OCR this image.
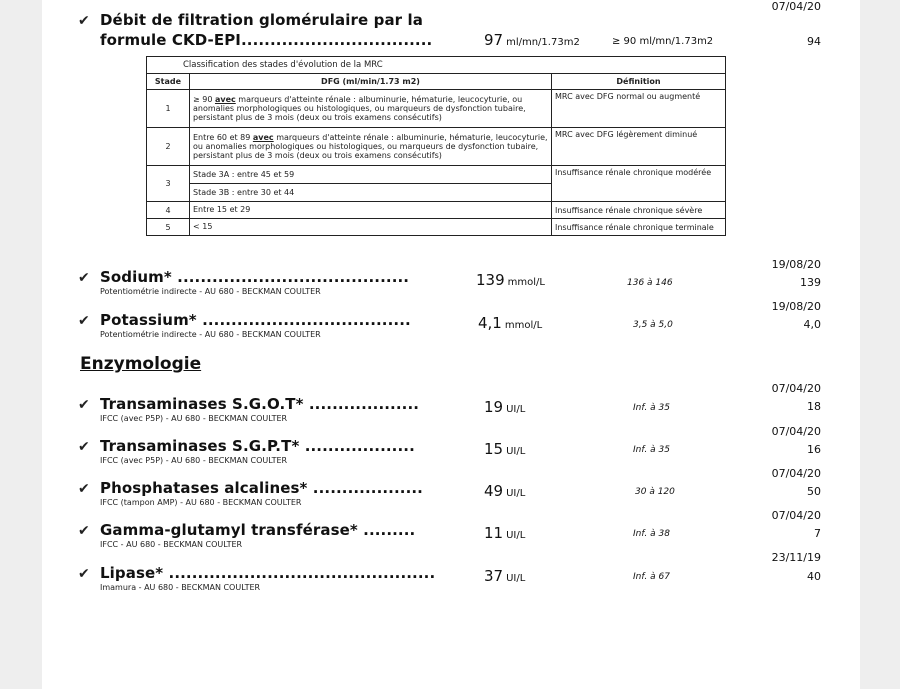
07/04/20
✔ Débit de filtration glomérulaire par la
formule CKD-EPI.................................	97 ml/mn/1.73m2	≥ 90 ml/mn/1.73m2	94
Classification des stades d'évolution de la MRC		
Stade	DFG (ml/min/1.73 m2)	Définition
1	≥ 90 avec marqueurs d'atteinte rénale : albuminurie, hématurie, leucocyturie, ou anomalies morphologiques ou histologiques, ou marqueurs de dysfonction tubaire, persistant plus de 3 mois (deux ou trois examens consécutifs)	MRC avec DFG normal ou augmenté
2	Entre 60 et 89 avec marqueurs d'atteinte rénale : albuminurie, hématurie, leucocyturie, ou anomalies morphologiques ou histologiques, ou marqueurs de dysfonction tubaire, persistant plus de 3 mois (deux ou trois examens consécutifs)	MRC avec DFG légèrement diminué
3	Stade 3A : entre 45 et 59	Insuffisance rénale chronique modérée
	Stade 3B : entre 30 et 44	
4	Entre 15 et 29	Insuffisance rénale chronique sévère
5	< 15	Insuffisance rénale chronique terminale
19/08/20
✔ Sodium* ........................................
Potentiométrie indirecte - AU 680 - BECKMAN COULTER
139 mmol/L	136 à 146	139
19/08/20
✔ Potassium* ....................................
Potentiométrie indirecte - AU 680 - BECKMAN COULTER
4,1 mmol/L	3,5 à 5,0	4,0
Enzymologie
07/04/20
✔ Transaminases S.G.O.T* ...................
IFCC (avec P5P) - AU 680 - BECKMAN COULTER
19 UI/L	Inf. à 35	18
07/04/20
✔ Transaminases S.G.P.T* ...................
IFCC (avec P5P) - AU 680 - BECKMAN COULTER
15 UI/L	Inf. à 35	16
07/04/20
✔ Phosphatases alcalines* ...................
IFCC (tampon AMP) - AU 680 - BECKMAN COULTER
49 UI/L	30 à 120	50
07/04/20
✔ Gamma-glutamyl transférase* .........
IFCC - AU 680 - BECKMAN COULTER
11 UI/L	Inf. à 38	7
23/11/19
✔ Lipase* ..............................................
Imamura - AU 680 - BECKMAN COULTER
37 UI/L	Inf. à 67	40
